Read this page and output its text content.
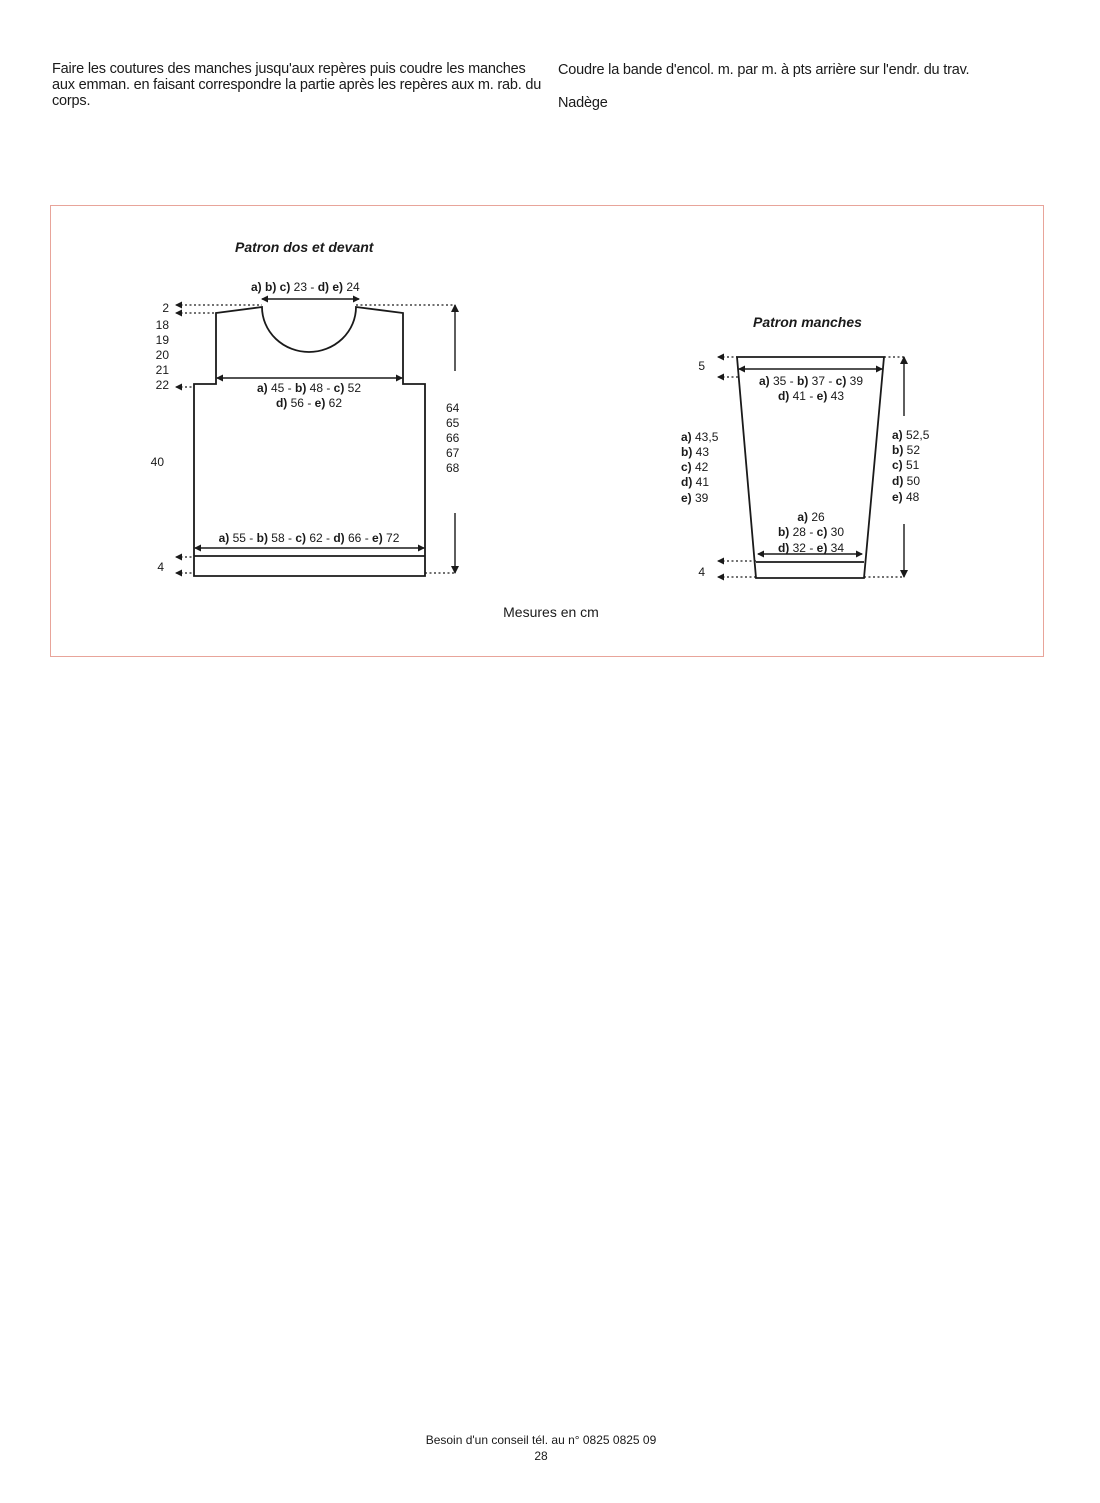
Faire les coutures des manches jusqu'aux repères puis coudre les manches aux emman. en faisant correspondre la partie après les repères aux m. rab. du corps.

Coudre la bande d'encol. m. par m. à pts arrière sur l'endr. du trav.

Nadège

Patron dos et devant
a) b) c) 23 - d) e) 24
2
18
19
20
21
22
40
4
a) 45 - b) 48 - c) 52
d) 56 - e) 62	64
65
66
67
68
a) 55 - b) 58 - c) 62 - d) 66 - e) 72
Patron manches
5
4
a) 35 - b) 37 - c) 39
d) 41 - e) 43
a) 43,5
b) 43
c) 42
d) 41
e) 39
a) 52,5
b) 52
c) 51
d) 50
e) 48
a) 26
b) 28 - c) 30
d) 32 - e) 34
Mesures en cm
Besoin d'un conseil tél. au n° 0825 0825 09
28
